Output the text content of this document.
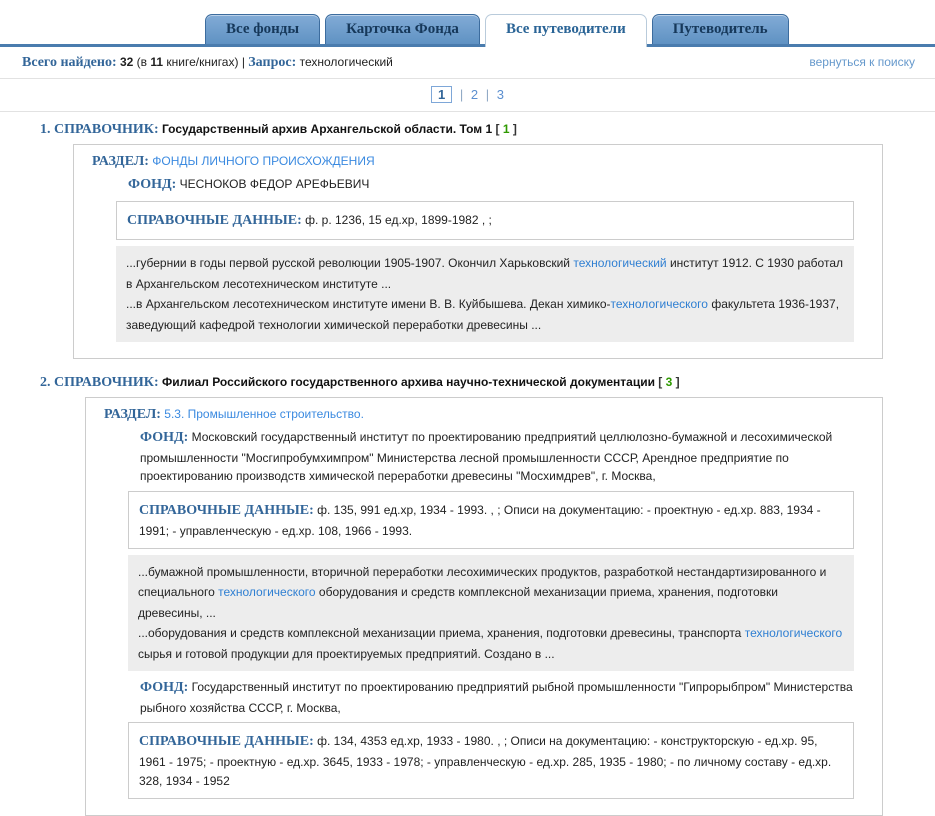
Все фонды	Карточка Фонда	Все путеводители	Путеводитель
Всего найдено: 32 (в 11 книге/книгах) | Запрос: технологический	вернуться к поиску
1 | 2 | 3
1. СПРАВОЧНИК: Государственный архив Архангельской области. Том 1 [ 1 ]
РАЗДЕЛ: ФОНДЫ ЛИЧНОГО ПРОИСХОЖДЕНИЯ
ФОНД: ЧЕСНОКОВ ФЕДОР АРЕФЬЕВИЧ
СПРАВОЧНЫЕ ДАННЫЕ: ф. р. 1236, 15 ед.хр, 1899-1982 , ;

...губернии в годы первой русской революции 1905-1907. Окончил Харьковский технологический институт 1912. С 1930 работал в Архангельском лесотехническом институте ...

...в Архангельском лесотехническом институте имени В. В. Куйбышева. Декан химико-технологического факультета 1936-1937, заведующий кафедрой технологии химической переработки древесины ...

2. СПРАВОЧНИК: Филиал Российского государственного архива научно-технической документации [ 3 ]
РАЗДЕЛ: 5.3. Промышленное строительство.
ФОНД: Московский государственный институт по проектированию предприятий целлюлозно-бумажной и лесохимической промышленности "Мосгипробумхимпром" Министерства лесной промышленности СССР, Арендное предприятие по проектированию производств химической переработки древесины "Мосхимдрев", г. Москва,
СПРАВОЧНЫЕ ДАННЫЕ: ф. 135, 991 ед.хр, 1934 - 1993. , ; Описи на документацию: - проектную - ед.хр. 883, 1934 - 1991; - управленческую - ед.хр. 108, 1966 - 1993.

...бумажной промышленности, вторичной переработки лесохимических продуктов, разработкой нестандартизированного и специального технологического оборудования и средств комплексной механизации приема, хранения, подготовки древесины, ...

...оборудования и средств комплексной механизации приема, хранения, подготовки древесины, транспорта технологического сырья и готовой продукции для проектируемых предприятий. Создано в ...

ФОНД: Государственный институт по проектированию предприятий рыбной промышленности "Гипрорыбпром" Министерства рыбного хозяйства СССР, г. Москва,
СПРАВОЧНЫЕ ДАННЫЕ: ф. 134, 4353 ед.хр, 1933 - 1980. , ; Описи на документацию: - конструкторскую - ед.хр. 95, 1961 - 1975; - проектную - ед.хр. 3645, 1933 - 1978; - управленческую - ед.хр. 285, 1935 - 1980; - по личному составу - ед.хр. 328, 1934 - 1952
